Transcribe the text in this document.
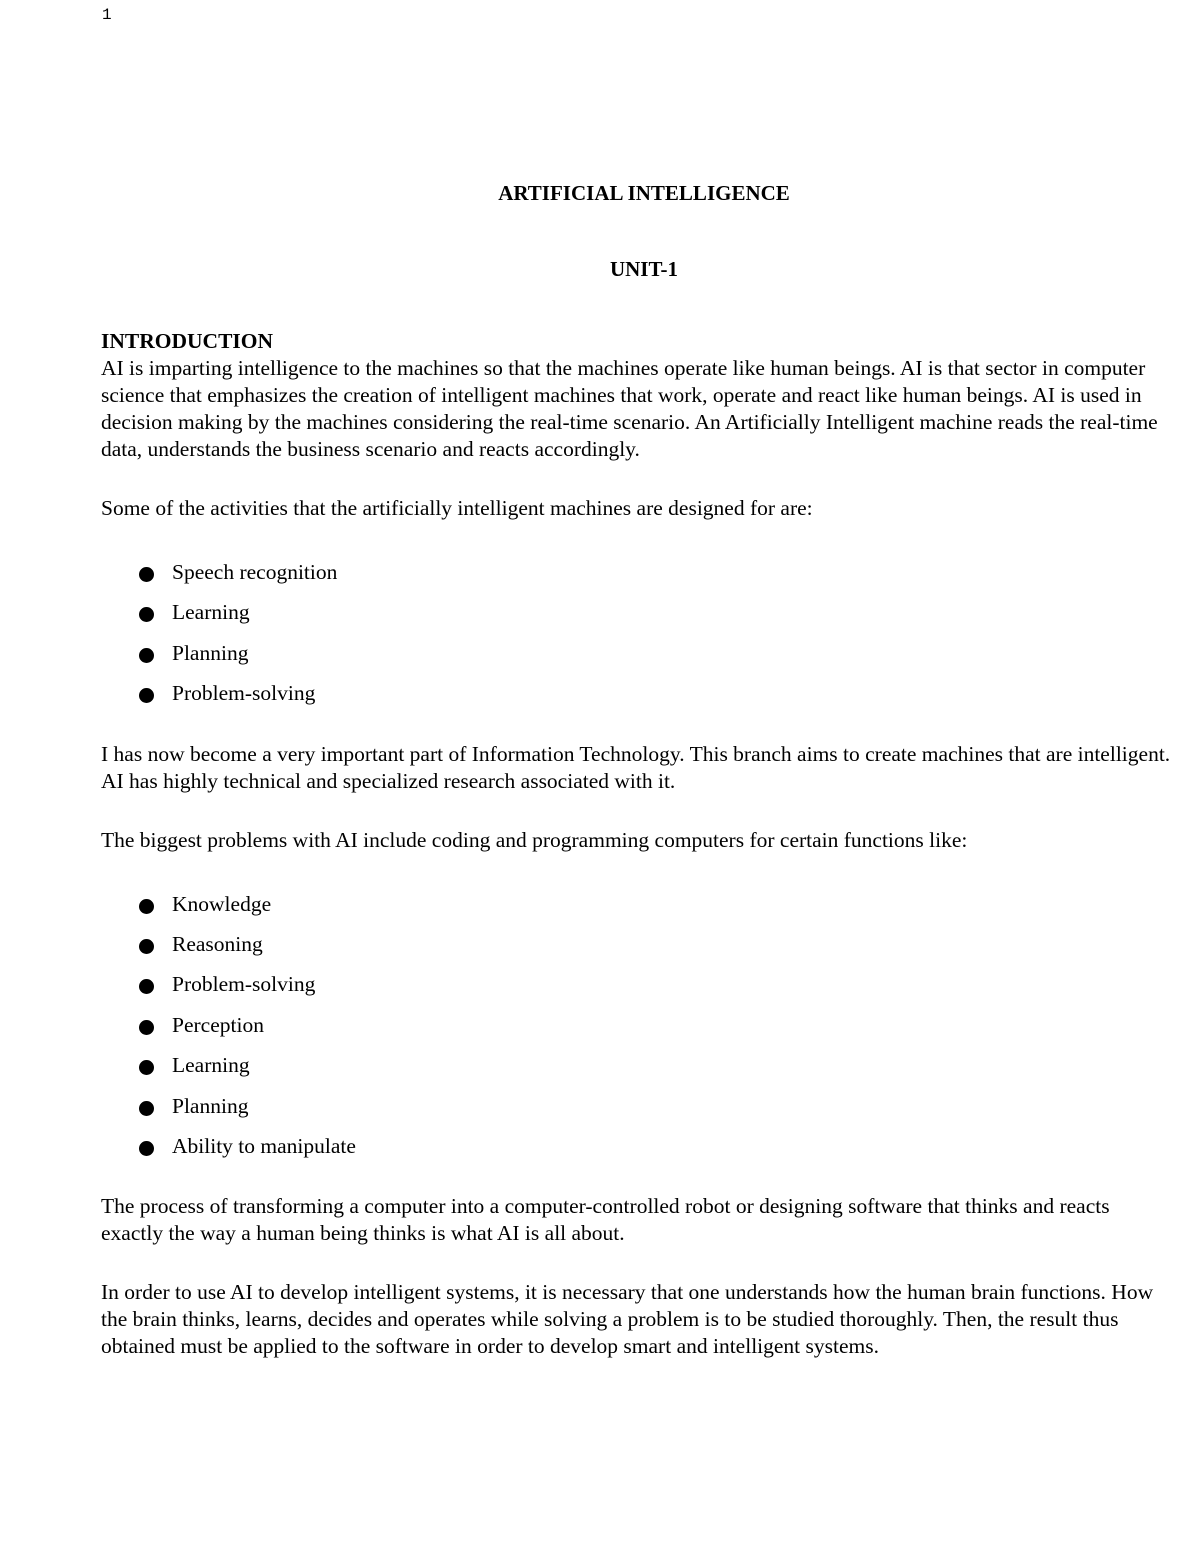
1
ARTIFICIAL INTELLIGENCE
UNIT-1

INTRODUCTION

AI is imparting intelligence to the machines so that the machines operate like human beings. AI is that sector in computer science that emphasizes the creation of intelligent machines that work, operate and react like human beings. AI is used in decision making by the machines considering the real-time scenario. An Artificially Intelligent machine reads the real-time data, understands the business scenario and reacts accordingly.

Some of the activities that the artificially intelligent machines are designed for are:

Speech recognition
Learning
Planning
Problem-solving

I has now become a very important part of Information Technology. This branch aims to create machines that are intelligent. AI has highly technical and specialized research associated with it.

The biggest problems with AI include coding and programming computers for certain functions like:

Knowledge
Reasoning
Problem-solving
Perception
Learning
Planning
Ability to manipulate

The process of transforming a computer into a computer-controlled robot or designing software that thinks and reacts exactly the way a human being thinks is what AI is all about.

In order to use AI to develop intelligent systems, it is necessary that one understands how the human brain functions. How the brain thinks, learns, decides and operates while solving a problem is to be studied thoroughly. Then, the result thus obtained must be applied to the software in order to develop smart and intelligent systems.
